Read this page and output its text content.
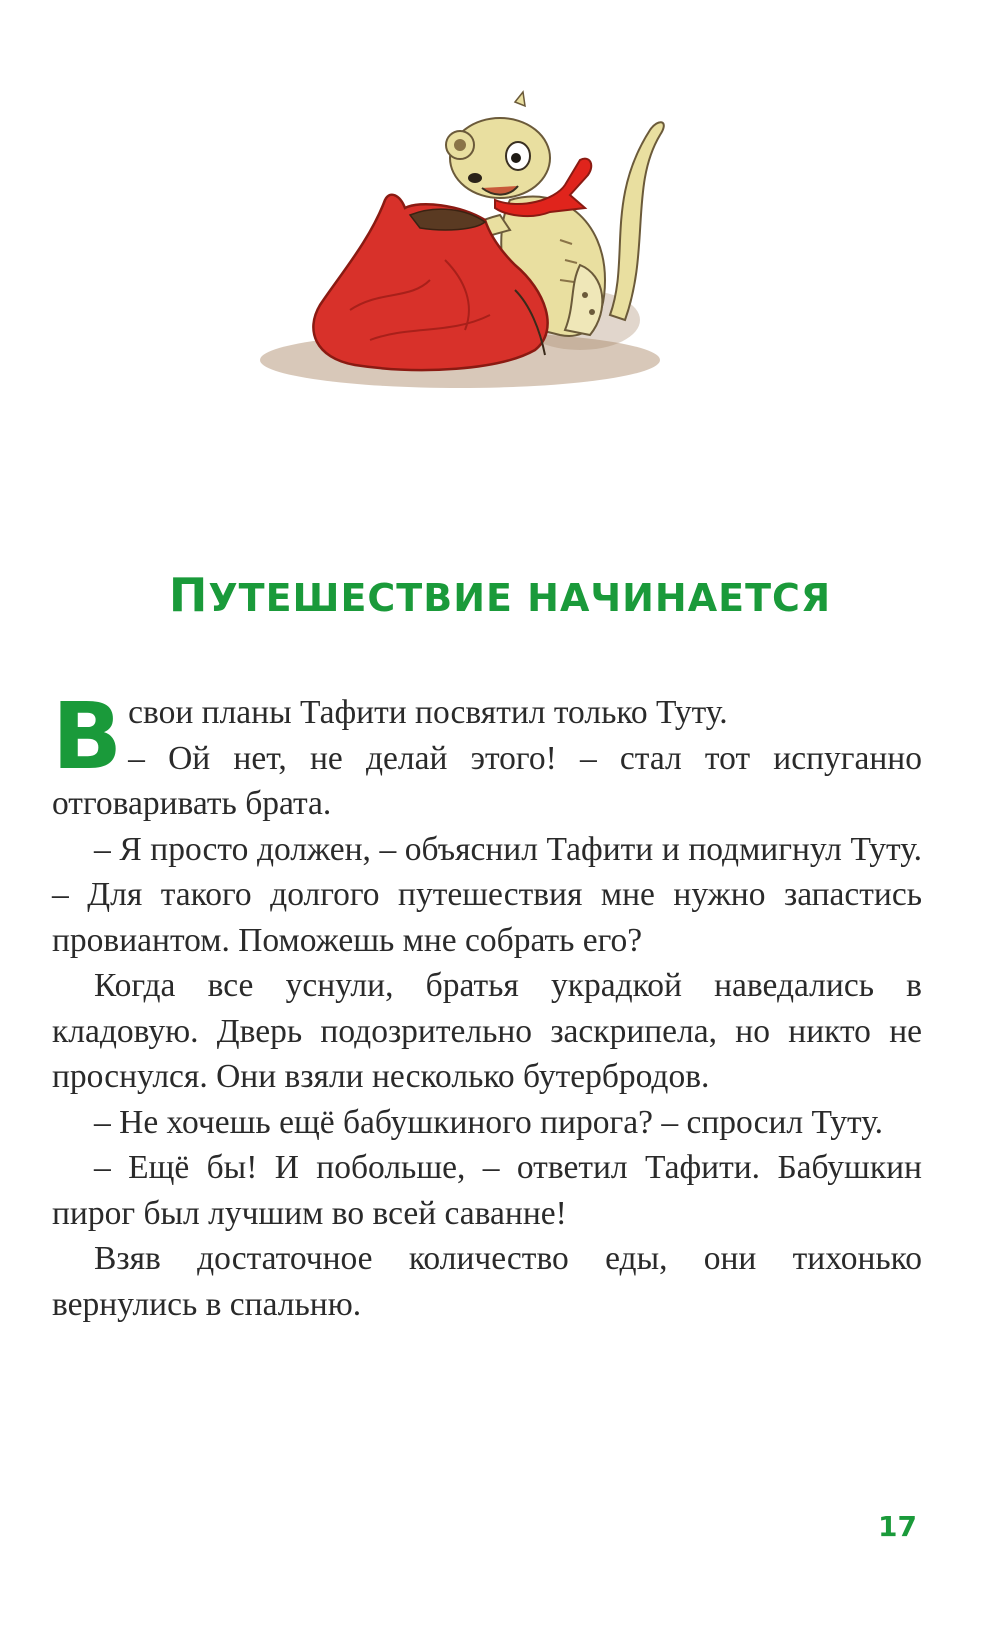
ПУТЕШЕСТВИЕ НАЧИНАЕТСЯ

В свои планы Тафити посвятил только Туту.
– Ой нет, не делай этого! – стал тот испуганно отговаривать брата.

– Я просто должен, – объяснил Тафити и подмигнул Туту. – Для такого долгого путешествия мне нужно запастись провиантом. Поможешь мне собрать его?

Когда все уснули, братья украдкой наведались в кладовую. Дверь подозрительно заскрипела, но никто не проснулся. Они взяли несколько бутербродов.

– Не хочешь ещё бабушкиного пирога? – спросил Туту.

– Ещё бы! И побольше, – ответил Тафити. Бабушкин пирог был лучшим во всей саванне!

Взяв достаточное количество еды, они тихонько вернулись в спальню.

17
